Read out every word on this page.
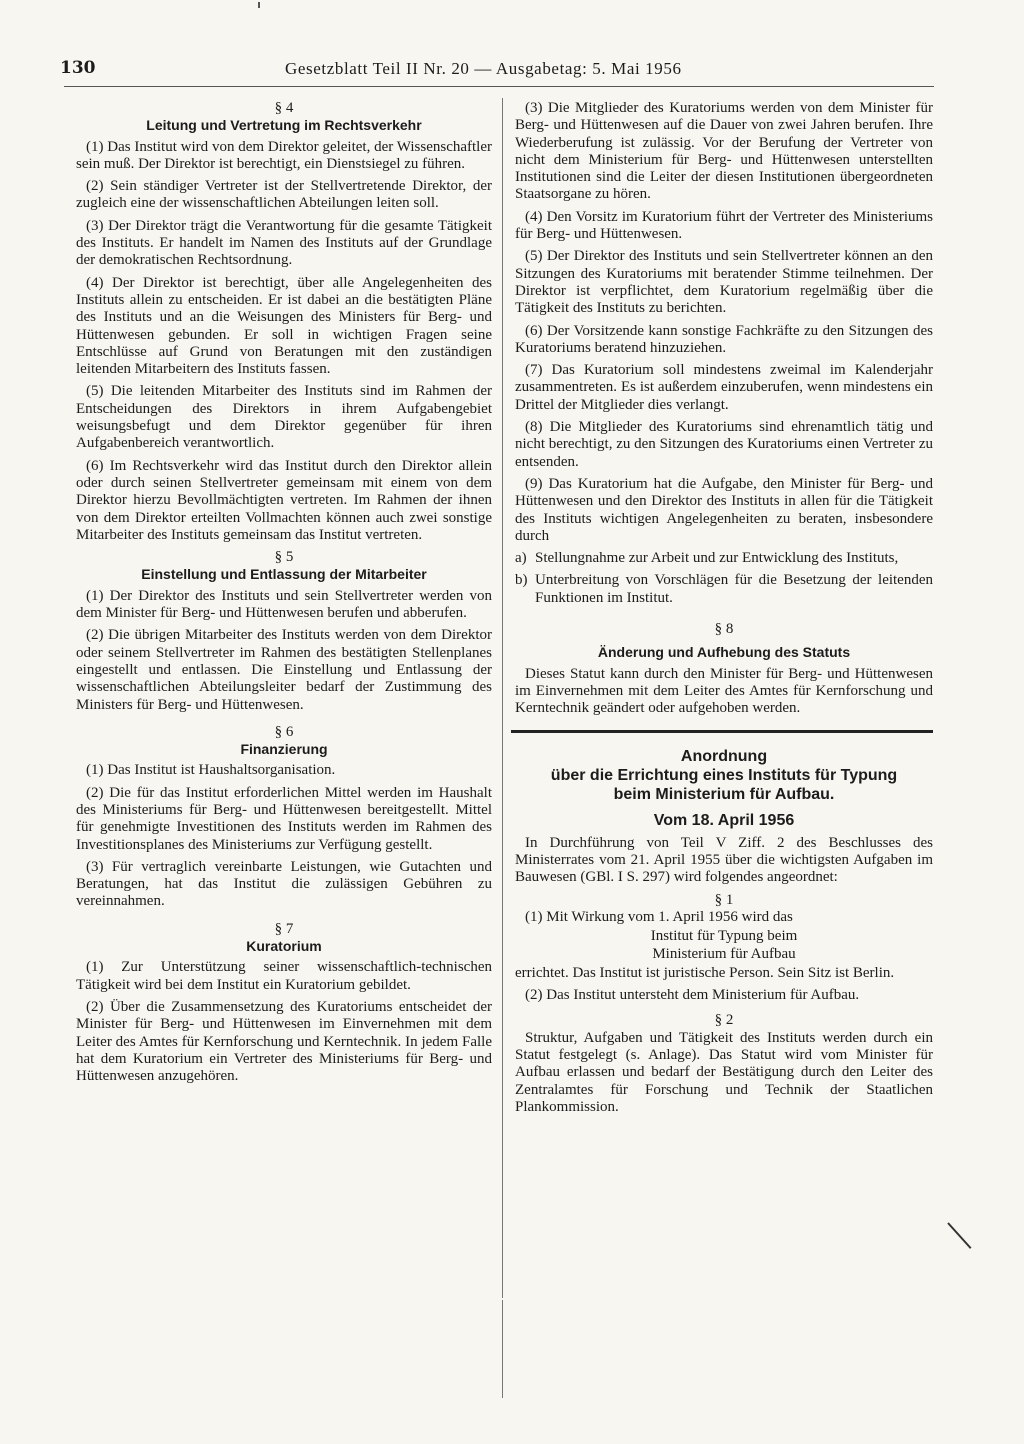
130	Gesetzblatt Teil II Nr. 20 — Ausgabetag: 5. Mai 1956

§ 4

Leitung und Vertretung im Rechtsverkehr

(1) Das Institut wird von dem Direktor geleitet, der Wissenschaftler sein muß. Der Direktor ist berechtigt, ein Dienstsiegel zu führen.

(2) Sein ständiger Vertreter ist der Stellvertretende Direktor, der zugleich eine der wissenschaftlichen Abteilungen leiten soll.

(3) Der Direktor trägt die Verantwortung für die gesamte Tätigkeit des Instituts. Er handelt im Namen des Instituts auf der Grundlage der demokratischen Rechtsordnung.

(4) Der Direktor ist berechtigt, über alle Angelegenheiten des Instituts allein zu entscheiden. Er ist dabei an die bestätigten Pläne des Instituts und an die Weisungen des Ministers für Berg- und Hüttenwesen gebunden. Er soll in wichtigen Fragen seine Entschlüsse auf Grund von Beratungen mit den zuständigen leitenden Mitarbeitern des Instituts fassen.

(5) Die leitenden Mitarbeiter des Instituts sind im Rahmen der Entscheidungen des Direktors in ihrem Aufgabengebiet weisungsbefugt und dem Direktor gegenüber für ihren Aufgabenbereich verantwortlich.

(6) Im Rechtsverkehr wird das Institut durch den Direktor allein oder durch seinen Stellvertreter gemeinsam mit einem von dem Direktor hierzu Bevollmächtigten vertreten. Im Rahmen der ihnen von dem Direktor erteilten Vollmachten können auch zwei sonstige Mitarbeiter des Instituts gemeinsam das Institut vertreten.

§ 5

Einstellung und Entlassung der Mitarbeiter

(1) Der Direktor des Instituts und sein Stellvertreter werden von dem Minister für Berg- und Hüttenwesen berufen und abberufen.

(2) Die übrigen Mitarbeiter des Instituts werden von dem Direktor oder seinem Stellvertreter im Rahmen des bestätigten Stellenplanes eingestellt und entlassen. Die Einstellung und Entlassung der wissenschaftlichen Abteilungsleiter bedarf der Zustimmung des Ministers für Berg- und Hüttenwesen.

§ 6

Finanzierung

(1) Das Institut ist Haushaltsorganisation.

(2) Die für das Institut erforderlichen Mittel werden im Haushalt des Ministeriums für Berg- und Hüttenwesen bereitgestellt. Mittel für genehmigte Investitionen des Instituts werden im Rahmen des Investitionsplanes des Ministeriums zur Verfügung gestellt.

(3) Für vertraglich vereinbarte Leistungen, wie Gutachten und Beratungen, hat das Institut die zulässigen Gebühren zu vereinnahmen.

§ 7

Kuratorium

(1) Zur Unterstützung seiner wissenschaftlich-technischen Tätigkeit wird bei dem Institut ein Kuratorium gebildet.

(2) Über die Zusammensetzung des Kuratoriums entscheidet der Minister für Berg- und Hüttenwesen im Einvernehmen mit dem Leiter des Amtes für Kernforschung und Kerntechnik. In jedem Falle hat dem Kuratorium ein Vertreter des Ministeriums für Berg- und Hüttenwesen anzugehören.

(3) Die Mitglieder des Kuratoriums werden von dem Minister für Berg- und Hüttenwesen auf die Dauer von zwei Jahren berufen. Ihre Wiederberufung ist zulässig. Vor der Berufung der Vertreter von nicht dem Ministerium für Berg- und Hüttenwesen unterstellten Institutionen sind die Leiter der diesen Institutionen übergeordneten Staatsorgane zu hören.

(4) Den Vorsitz im Kuratorium führt der Vertreter des Ministeriums für Berg- und Hüttenwesen.

(5) Der Direktor des Instituts und sein Stellvertreter können an den Sitzungen des Kuratoriums mit beratender Stimme teilnehmen. Der Direktor ist verpflichtet, dem Kuratorium regelmäßig über die Tätigkeit des Instituts zu berichten.

(6) Der Vorsitzende kann sonstige Fachkräfte zu den Sitzungen des Kuratoriums beratend hinzuziehen.

(7) Das Kuratorium soll mindestens zweimal im Kalenderjahr zusammentreten. Es ist außerdem einzuberufen, wenn mindestens ein Drittel der Mitglieder dies verlangt.

(8) Die Mitglieder des Kuratoriums sind ehrenamtlich tätig und nicht berechtigt, zu den Sitzungen des Kuratoriums einen Vertreter zu entsenden.

(9) Das Kuratorium hat die Aufgabe, den Minister für Berg- und Hüttenwesen und den Direktor des Instituts in allen für die Tätigkeit des Instituts wichtigen Angelegenheiten zu beraten, insbesondere durch

a) Stellungnahme zur Arbeit und zur Entwicklung des Instituts,
b) Unterbreitung von Vorschlägen für die Besetzung der leitenden Funktionen im Institut.

§ 8

Änderung und Aufhebung des Statuts

Dieses Statut kann durch den Minister für Berg- und Hüttenwesen im Einvernehmen mit dem Leiter des Amtes für Kernforschung und Kerntechnik geändert oder aufgehoben werden.

Anordnung
über die Errichtung eines Instituts für Typung
beim Ministerium für Aufbau.

Vom 18. April 1956

In Durchführung von Teil V Ziff. 2 des Beschlusses des Ministerrates vom 21. April 1955 über die wichtigsten Aufgaben im Bauwesen (GBl. I S. 297) wird folgendes angeordnet:

§ 1

(1) Mit Wirkung vom 1. April 1956 wird das

Institut für Typung beim

Ministerium für Aufbau

errichtet. Das Institut ist juristische Person. Sein Sitz ist Berlin.

(2) Das Institut untersteht dem Ministerium für Aufbau.

§ 2

Struktur, Aufgaben und Tätigkeit des Instituts werden durch ein Statut festgelegt (s. Anlage). Das Statut wird vom Minister für Aufbau erlassen und bedarf der Bestätigung durch den Leiter des Zentralamtes für Forschung und Technik der Staatlichen Plankommission.
